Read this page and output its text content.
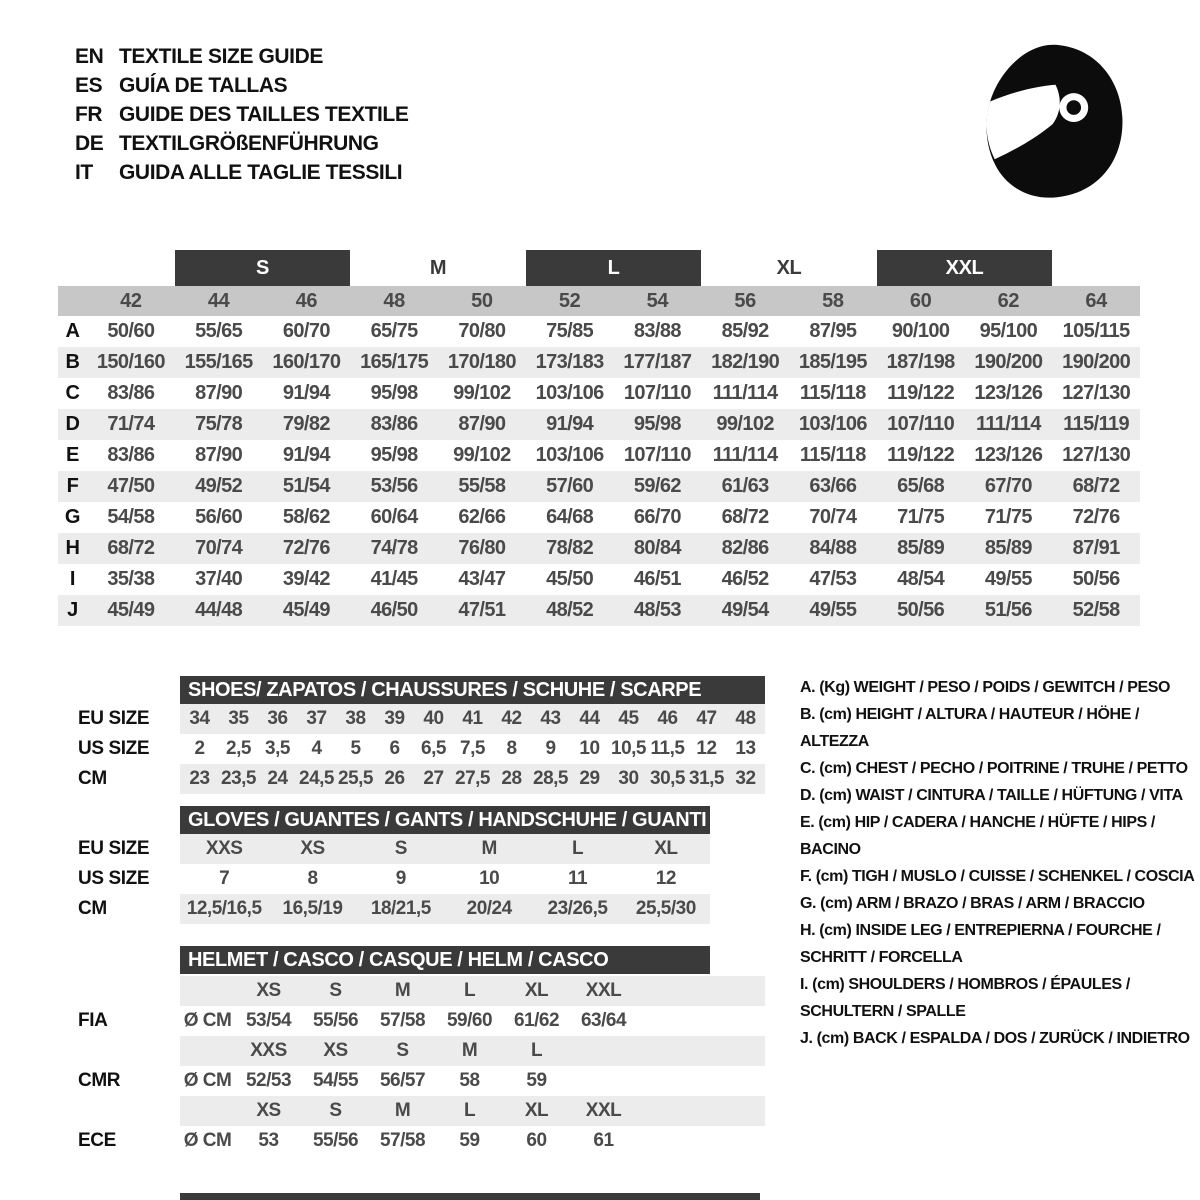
EN TEXTILE SIZE GUIDE
ES GUÍA DE TALLAS
FR GUIDE DES TAILLES TEXTILE
DE TEXTILGRÖßENFÜHRUNG
IT	GUIDA ALLE TAGLIE TESSILI
S	M	L	XL	XXL
42	44	46	48	50	52	54	56	58	60	62	64
A	50/60	55/65	60/70	65/75	70/80	75/85	83/88	85/92	87/95	90/100	95/100	105/115
B 150/160 155/165 160/170 165/175 170/180 173/183 177/187 182/190 185/195 187/198 190/200 190/200
C	83/86	87/90	91/94	95/98	99/102	103/106	107/110	111/114	115/118	119/122	123/126 127/130
D	71/74	75/78	79/82	83/86	87/90	91/94	95/98	99/102	103/106	107/110	111/114	115/119
E	83/86	87/90	91/94	95/98	99/102	103/106	107/110	111/114	115/118	119/122	123/126 127/130
F	47/50	49/52	51/54	53/56	55/58	57/60	59/62	61/63	63/66	65/68	67/70	68/72
G	54/58	56/60	58/62	60/64	62/66	64/68	66/70	68/72	70/74	71/75	71/75	72/76
H	68/72	70/74	72/76	74/78	76/80	78/82	80/84	82/86	84/88	85/89	85/89	87/91
I	35/38	37/40	39/42	41/45	43/47	45/50	46/51	46/52	47/53	48/54	49/55	50/56
J	45/49	44/48	45/49	46/50	47/51	48/52	48/53	49/54	49/55	50/56	51/56	52/58
SHOES/ ZAPATOS / CHAUSSURES / SCHUHE / SCARPE
EU SIZE	34 35 36 37 38 39 40 41 42 43 44 45 46 47 48
US SIZE	2	2,5 3,5	4	5	6	6,5 7,5	8	9	10 10,5 11,5 12 13
CM	23 23,5 24 24,5 25,5 26 27 27,5 28 28,5 29 30 30,5 31,5 32
GLOVES / GUANTES / GANTS / HANDSCHUHE / GUANTI
EU SIZE	XXS	XS	S	M	L	XL
US SIZE	7	8	9	10	11	12
CM	12,5/16,5	16,5/19	18/21,5	20/24	23/26,5	25,5/30
HELMET / CASCO / CASQUE / HELM / CASCO
XS	S	M	L	XL	XXL
FIA	Ø CM 53/54	55/56	57/58	59/60	61/62	63/64
XXS	XS	S	M	L
CMR	Ø CM 52/53	54/55	56/57	58	59
XS	S	M	L	XL	XXL
ECE	Ø CM	53	55/56	57/58	59	60	61

A. (Kg) WEIGHT / PESO / POIDS / GEWITCH / PESO

B. (cm) HEIGHT / ALTURA / HAUTEUR / HÖHE / ALTEZZA

C. (cm) CHEST / PECHO / POITRINE / TRUHE / PETTO

D. (cm) WAIST / CINTURA / TAILLE / HÜFTUNG / VITA

E. (cm) HIP / CADERA / HANCHE / HÜFTE / HIPS / BACINO

F. (cm) TIGH / MUSLO / CUISSE / SCHENKEL / COSCIA

G. (cm) ARM / BRAZO / BRAS / ARM / BRACCIO

H. (cm) INSIDE LEG / ENTREPIERNA / FOURCHE / SCHRITT / FORCELLA

I. (cm) SHOULDERS / HOMBROS / ÉPAULES / SCHULTERN / SPALLE

J. (cm) BACK / ESPALDA / DOS / ZURÜCK / INDIETRO
